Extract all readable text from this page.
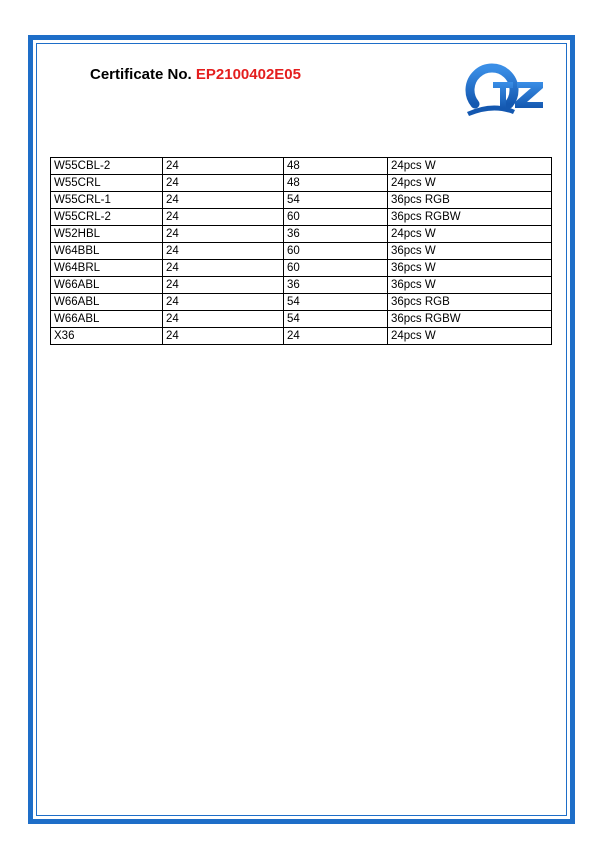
Certificate No. EP2100402E05
W55CBL-2	24	48	24pcs W
W55CRL	24	48	24pcs W
W55CRL-1	24	54	36pcs RGB
W55CRL-2	24	60	36pcs RGBW
W52HBL	24	36	24pcs W
W64BBL	24	60	36pcs W
W64BRL	24	60	36pcs W
W66ABL	24	36	36pcs W
W66ABL	24	54	36pcs RGB
W66ABL	24	54	36pcs RGBW
X36	24	24	24pcs W
